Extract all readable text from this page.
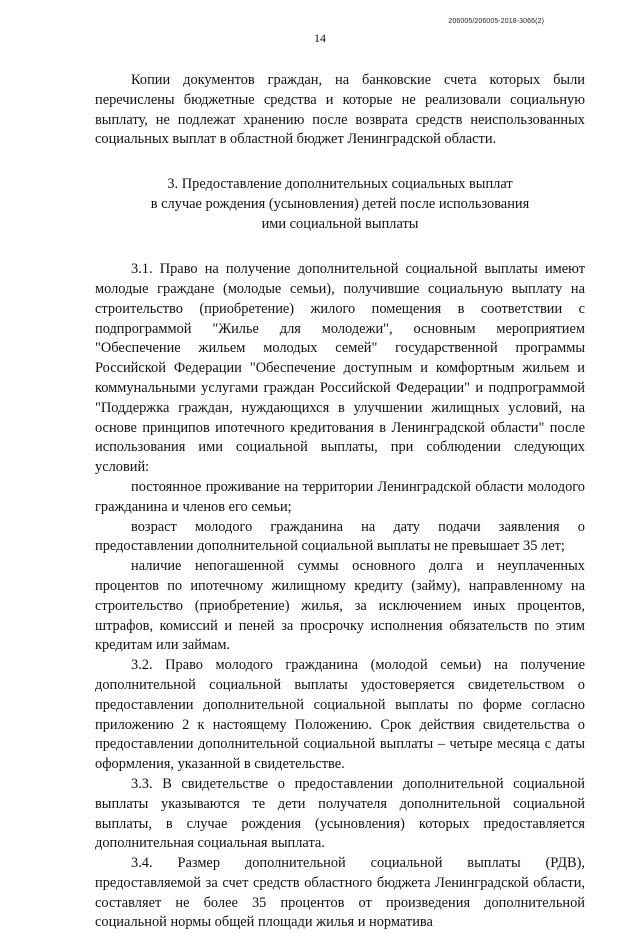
206005/206005-2018-3066(2)
14

Копии документов граждан, на банковские счета которых были перечислены бюджетные средства и которые не реализовали социальную выплату, не подлежат хранению после возврата средств неиспользованных социальных выплат в областной бюджет Ленинградской области.

3. Предоставление дополнительных социальных выплат
в случае рождения (усыновления) детей после использования
ими социальной выплаты

3.1. Право на получение дополнительной социальной выплаты имеют молодые граждане (молодые семьи), получившие социальную выплату на строительство (приобретение) жилого помещения в соответствии с подпрограммой "Жилье для молодежи", основным мероприятием "Обеспечение жильем молодых семей" государственной программы Российской Федерации "Обеспечение доступным и комфортным жильем и коммунальными услугами граждан Российской Федерации" и подпрограммой "Поддержка граждан, нуждающихся в улучшении жилищных условий, на основе принципов ипотечного кредитования в Ленинградской области" после использования ими социальной выплаты, при соблюдении следующих условий:

постоянное проживание на территории Ленинградской области молодого гражданина и членов его семьи;

возраст молодого гражданина на дату подачи заявления о предоставлении дополнительной социальной выплаты не превышает 35 лет;

наличие непогашенной суммы основного долга и неуплаченных процентов по ипотечному жилищному кредиту (займу), направленному на строительство (приобретение) жилья, за исключением иных процентов, штрафов, комиссий и пеней за просрочку исполнения обязательств по этим кредитам или займам.

3.2. Право молодого гражданина (молодой семьи) на получение дополнительной социальной выплаты удостоверяется свидетельством о предоставлении дополнительной социальной выплаты по форме согласно приложению 2 к настоящему Положению. Срок действия свидетельства о предоставлении дополнительной социальной выплаты – четыре месяца с даты оформления, указанной в свидетельстве.

3.3. В свидетельстве о предоставлении дополнительной социальной выплаты указываются те дети получателя дополнительной социальной выплаты, в случае рождения (усыновления) которых предоставляется дополнительная социальная выплата.

3.4. Размер дополнительной социальной выплаты (РДВ), предоставляемой за счет средств областного бюджета Ленинградской области, составляет не более 35 процентов от произведения дополнительной социальной нормы общей площади жилья и норматива
